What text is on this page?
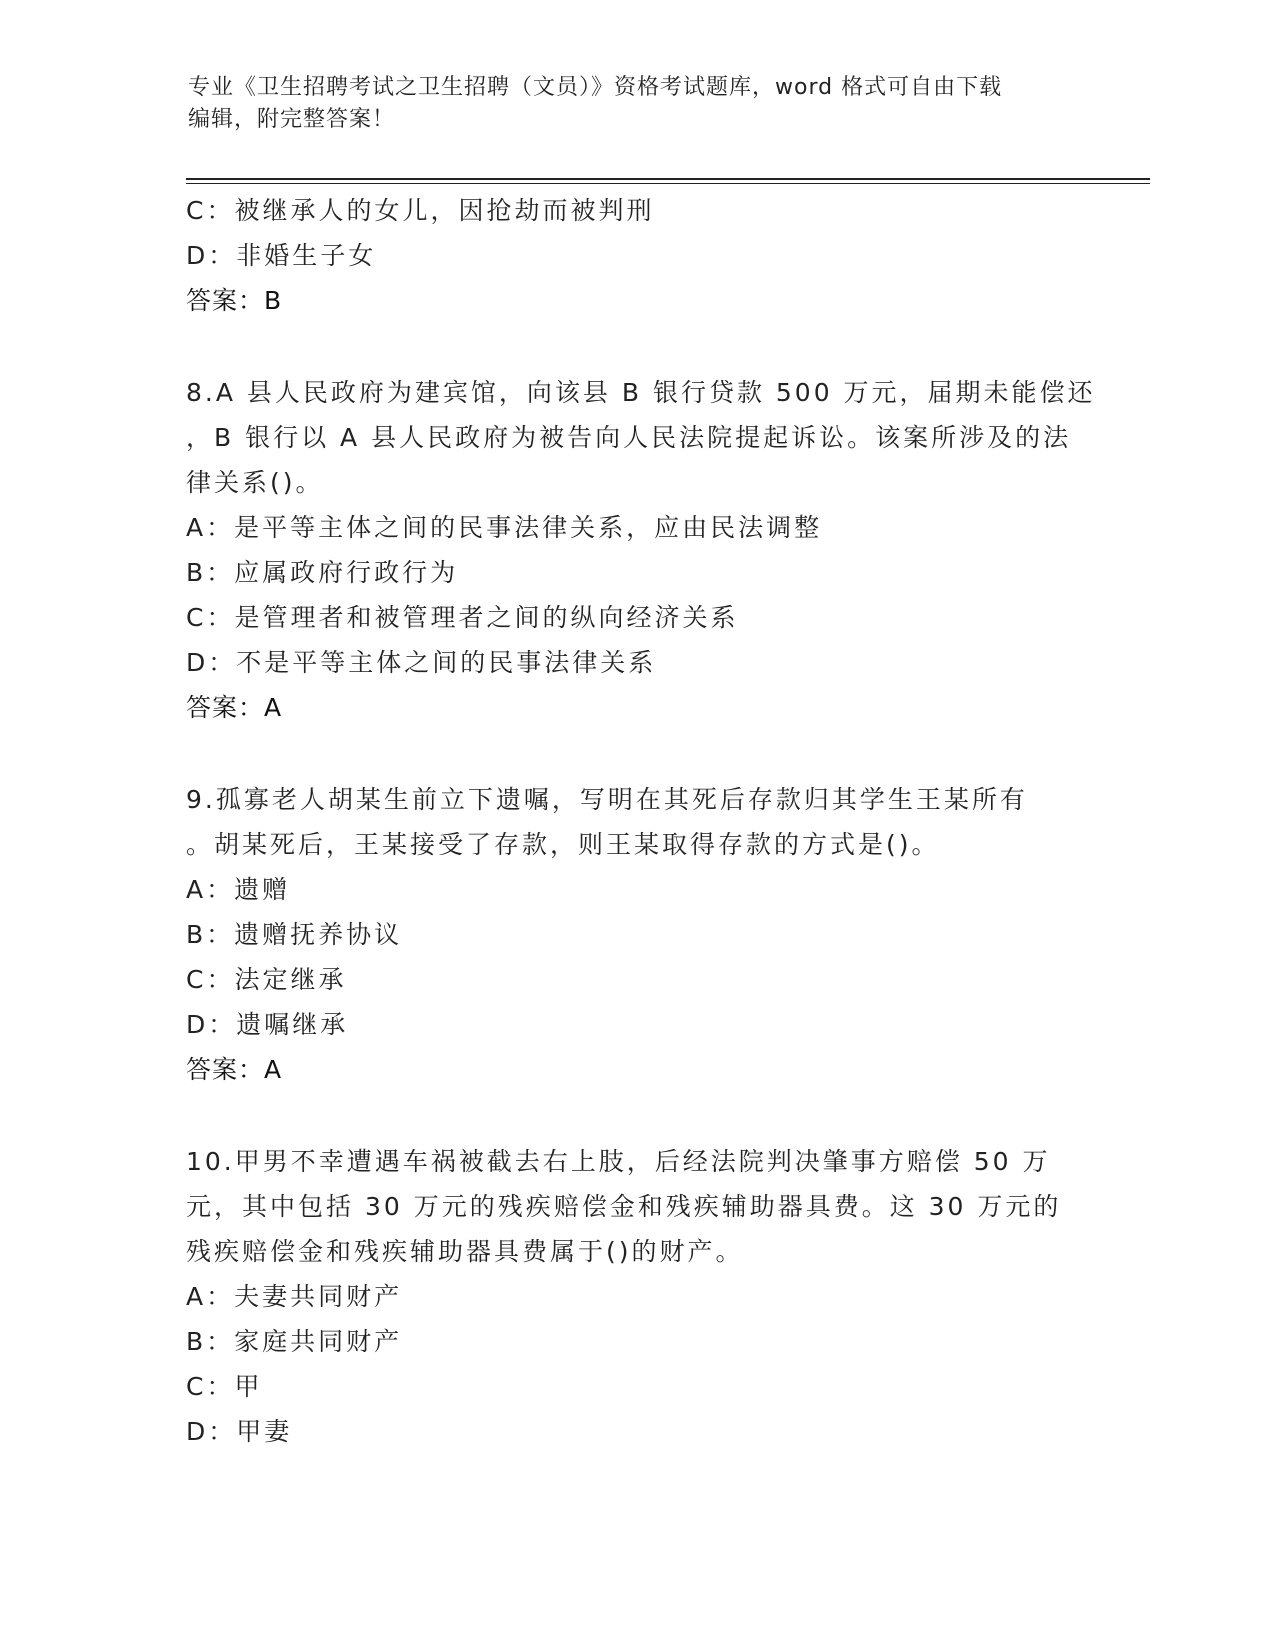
专业《卫生招聘考试之卫生招聘（文员）》资格考试题库，word 格式可自由下载
编辑，附完整答案！
C：被继承人的女儿，因抢劫而被判刑
D：非婚生子女
答案：B
8.A 县人民政府为建宾馆，向该县 B 银行贷款 500 万元，届期未能偿还
，B 银行以 A 县人民政府为被告向人民法院提起诉讼。该案所涉及的法
律关系()。
A：是平等主体之间的民事法律关系，应由民法调整
B：应属政府行政行为
C：是管理者和被管理者之间的纵向经济关系
D：不是平等主体之间的民事法律关系
答案：A
9.孤寡老人胡某生前立下遗嘱，写明在其死后存款归其学生王某所有
。胡某死后，王某接受了存款，则王某取得存款的方式是()。
A：遗赠
B：遗赠抚养协议
C：法定继承
D：遗嘱继承
答案：A
10.甲男不幸遭遇车祸被截去右上肢，后经法院判决肇事方赔偿 50 万
元，其中包括 30 万元的残疾赔偿金和残疾辅助器具费。这 30 万元的
残疾赔偿金和残疾辅助器具费属于()的财产。
A：夫妻共同财产
B：家庭共同财产
C：甲
D：甲妻
